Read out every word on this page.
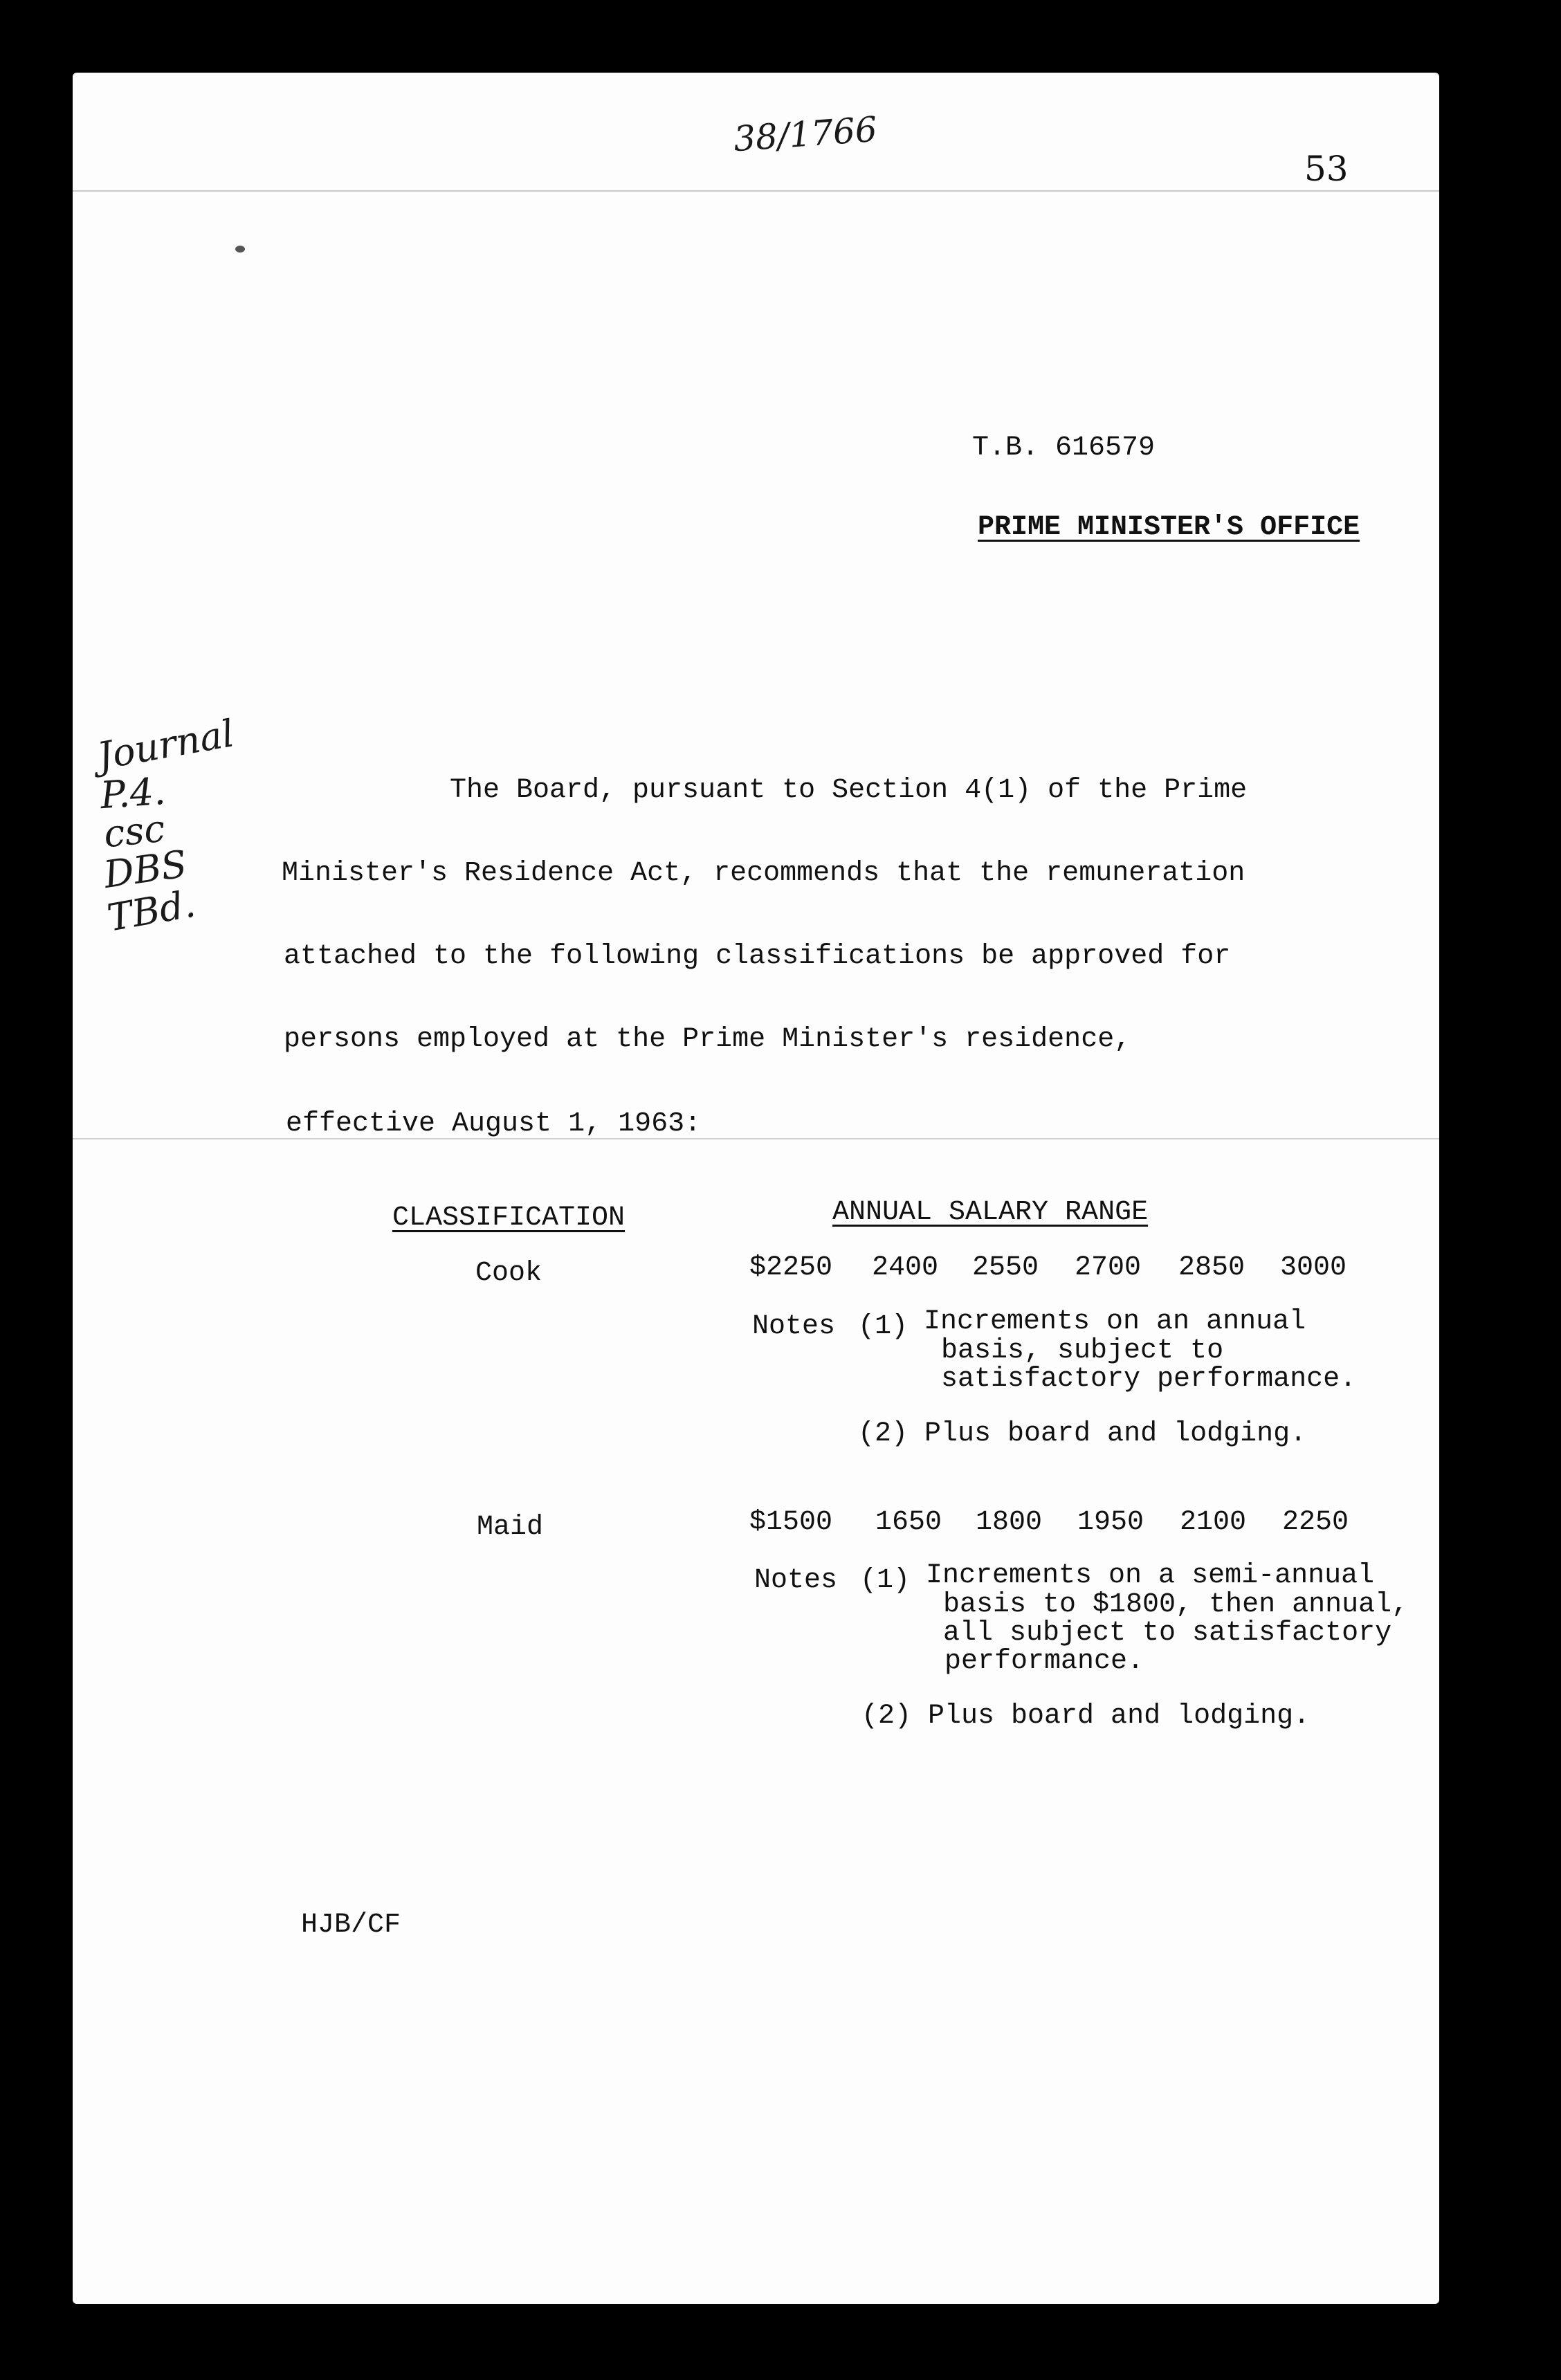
38/1766
53
T.B. 616579
PRIME MINISTER'S OFFICE
Journal
P.4.
csc
DBS
TBd.
The Board, pursuant to Section 4(1) of the Prime
Minister's Residence Act, recommends that the remuneration
attached to the following classifications be approved for
persons employed at the Prime Minister's residence,
effective August 1, 1963:
CLASSIFICATION	ANNUAL SALARY RANGE
Cook	$2250 2400 2550 2700 2850 3000
Notes (1) Increments on an annual
basis, subject to
satisfactory performance.
(2) Plus board and lodging.
Maid	$1500 1650 1800 1950 2100 2250
Notes (1) Increments on a semi-annual
basis to $1800, then annual,
all subject to satisfactory
performance.
(2) Plus board and lodging.
HJB/CF
